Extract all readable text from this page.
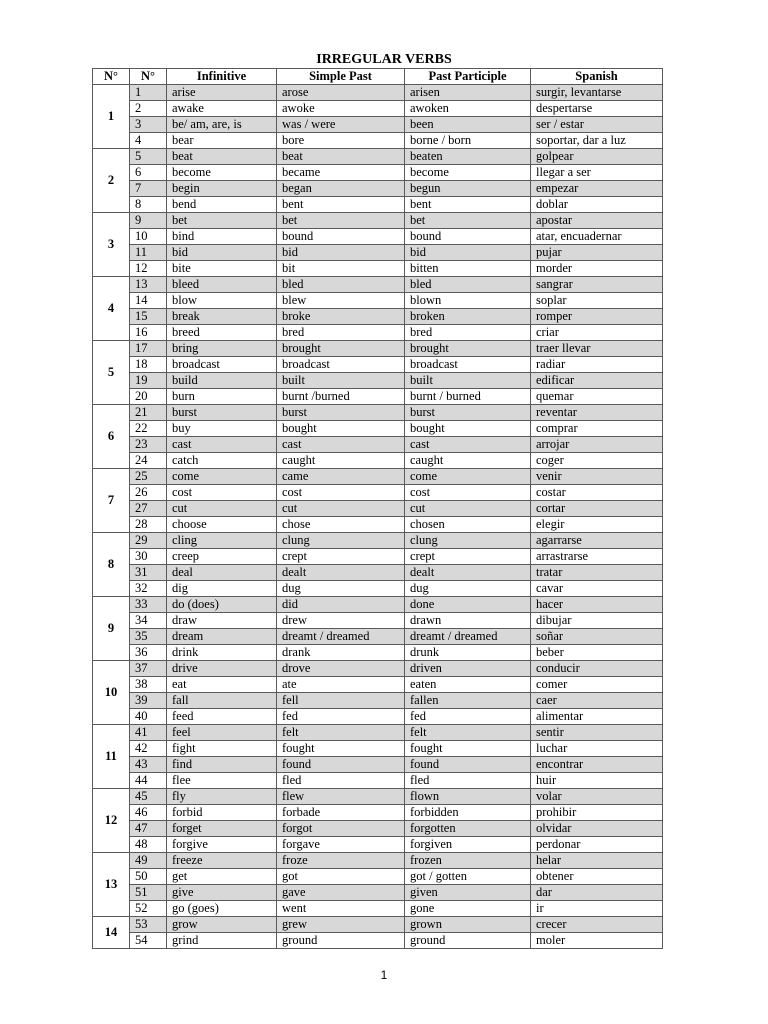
IRREGULAR VERBS
N°	N°	Infinitive	Simple Past	Past Participle	Spanish
1	1	arise	arose	arisen	surgir, levantarse
	2	awake	awoke	awoken	despertarse
	3	be/ am, are, is	was / were	been	ser / estar
	4	bear	bore	borne / born	soportar, dar a luz
2	5	beat	beat	beaten	golpear
	6	become	became	become	llegar a ser
	7	begin	began	begun	empezar
	8	bend	bent	bent	doblar
3	9	bet	bet	bet	apostar
	10	bind	bound	bound	atar, encuadernar
	11	bid	bid	bid	pujar
	12	bite	bit	bitten	morder
4	13	bleed	bled	bled	sangrar
	14	blow	blew	blown	soplar
	15	break	broke	broken	romper
	16	breed	bred	bred	criar
5	17	bring	brought	brought	traer llevar
	18	broadcast	broadcast	broadcast	radiar
	19	build	built	built	edificar
	20	burn	burnt /burned	burnt / burned	quemar
6	21	burst	burst	burst	reventar
	22	buy	bought	bought	comprar
	23	cast	cast	cast	arrojar
	24	catch	caught	caught	coger
7	25	come	came	come	venir
	26	cost	cost	cost	costar
	27	cut	cut	cut	cortar
	28	choose	chose	chosen	elegir
8	29	cling	clung	clung	agarrarse
	30	creep	crept	crept	arrastrarse
	31	deal	dealt	dealt	tratar
	32	dig	dug	dug	cavar
9	33	do (does)	did	done	hacer
	34	draw	drew	drawn	dibujar
	35	dream	dreamt / dreamed	dreamt / dreamed	soñar
	36	drink	drank	drunk	beber
10	37	drive	drove	driven	conducir
	38	eat	ate	eaten	comer
	39	fall	fell	fallen	caer
	40	feed	fed	fed	alimentar
11	41	feel	felt	felt	sentir
	42	fight	fought	fought	luchar
	43	find	found	found	encontrar
	44	flee	fled	fled	huir
12	45	fly	flew	flown	volar
	46	forbid	forbade	forbidden	prohibir
	47	forget	forgot	forgotten	olvidar
	48	forgive	forgave	forgiven	perdonar
13	49	freeze	froze	frozen	helar
	50	get	got	got / gotten	obtener
	51	give	gave	given	dar
	52	go (goes)	went	gone	ir
14	53	grow	grew	grown	crecer
	54	grind	ground	ground	moler
1
